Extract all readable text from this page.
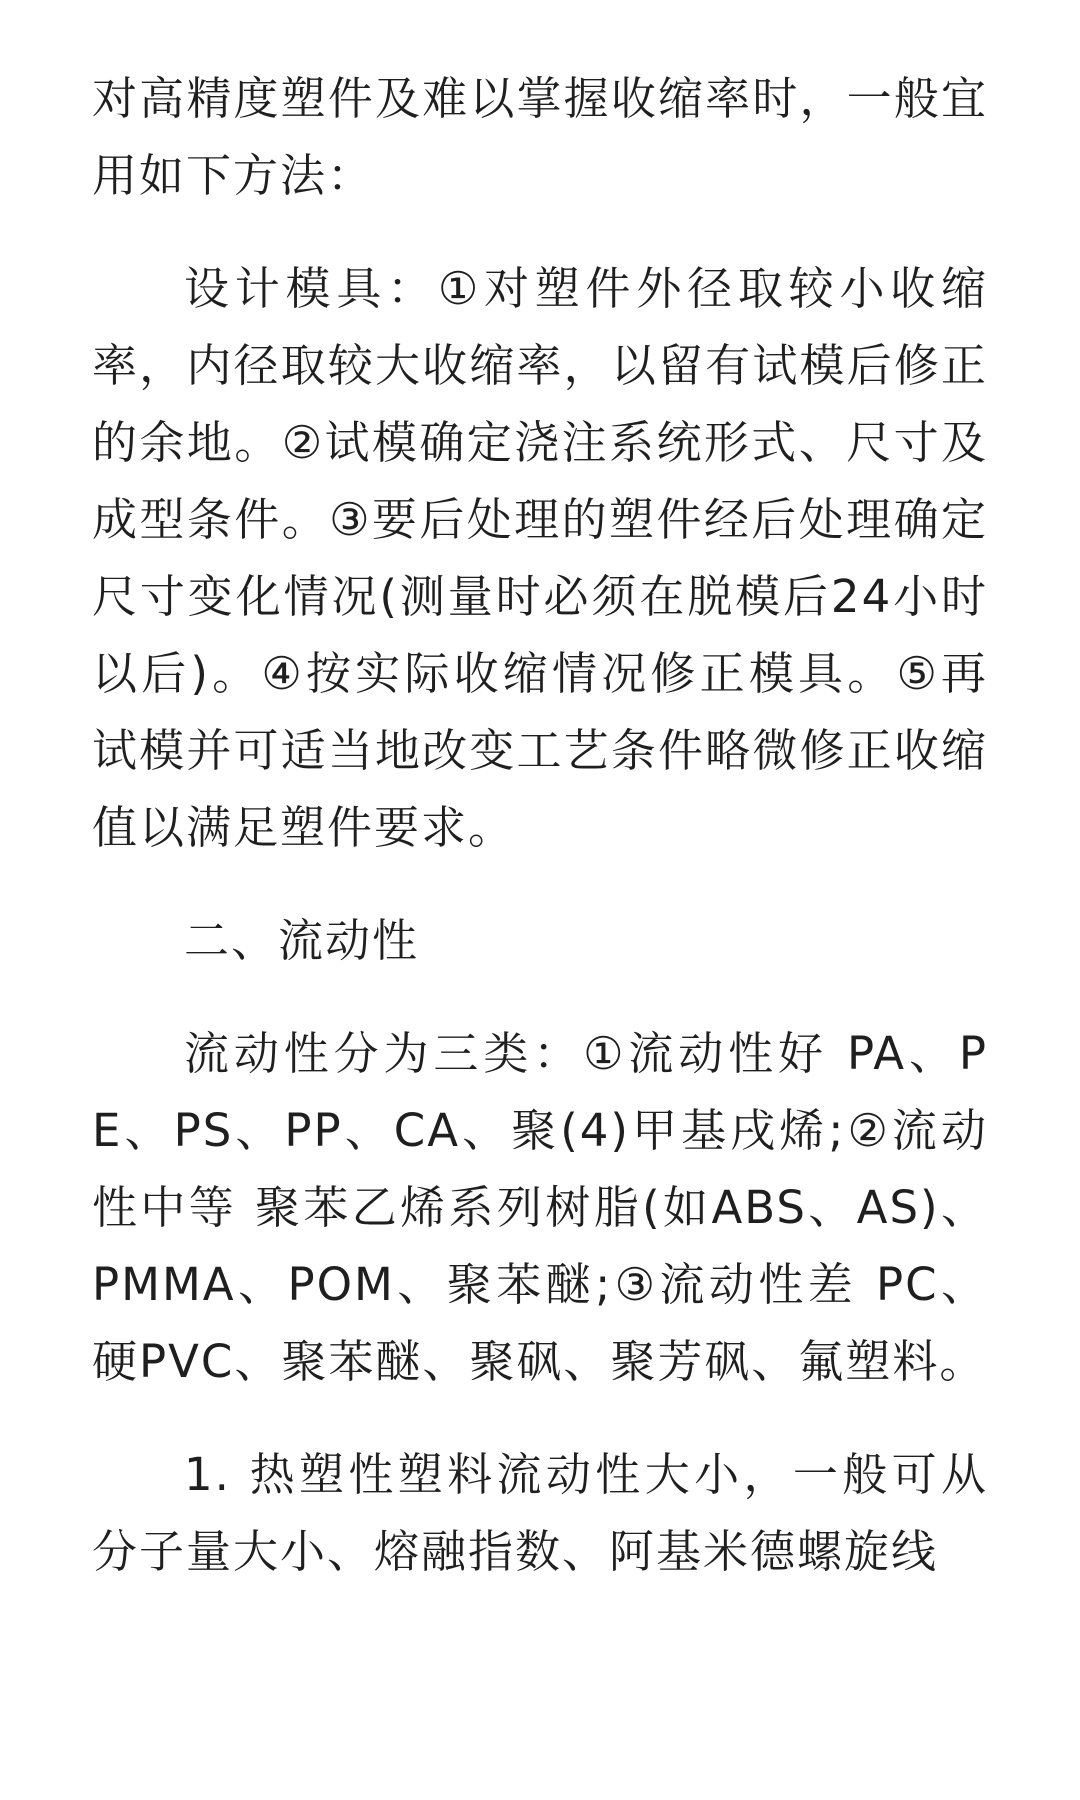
对高精度塑件及难以掌握收缩率时，一般宜用如下方法：

设计模具：①对塑件外径取较小收缩率，内径取较大收缩率，以留有试模后修正的余地。②试模确定浇注系统形式、尺寸及成型条件。③要后处理的塑件经后处理确定尺寸变化情况(测量时必须在脱模后24小时以后)。④按实际收缩情况修正模具。⑤再试模并可适当地改变工艺条件略微修正收缩值以满足塑件要求。

二、流动性

流动性分为三类：①流动性好 PA、PE、PS、PP、CA、聚(4)甲基戌烯;②流动性中等 聚苯乙烯系列树脂(如ABS、AS)、PMMA、POM、聚苯醚;③流动性差 PC、硬PVC、聚苯醚、聚砜、聚芳砜、氟塑料。

1. 热塑性塑料流动性大小，一般可从分子量大小、熔融指数、阿基米德螺旋线
